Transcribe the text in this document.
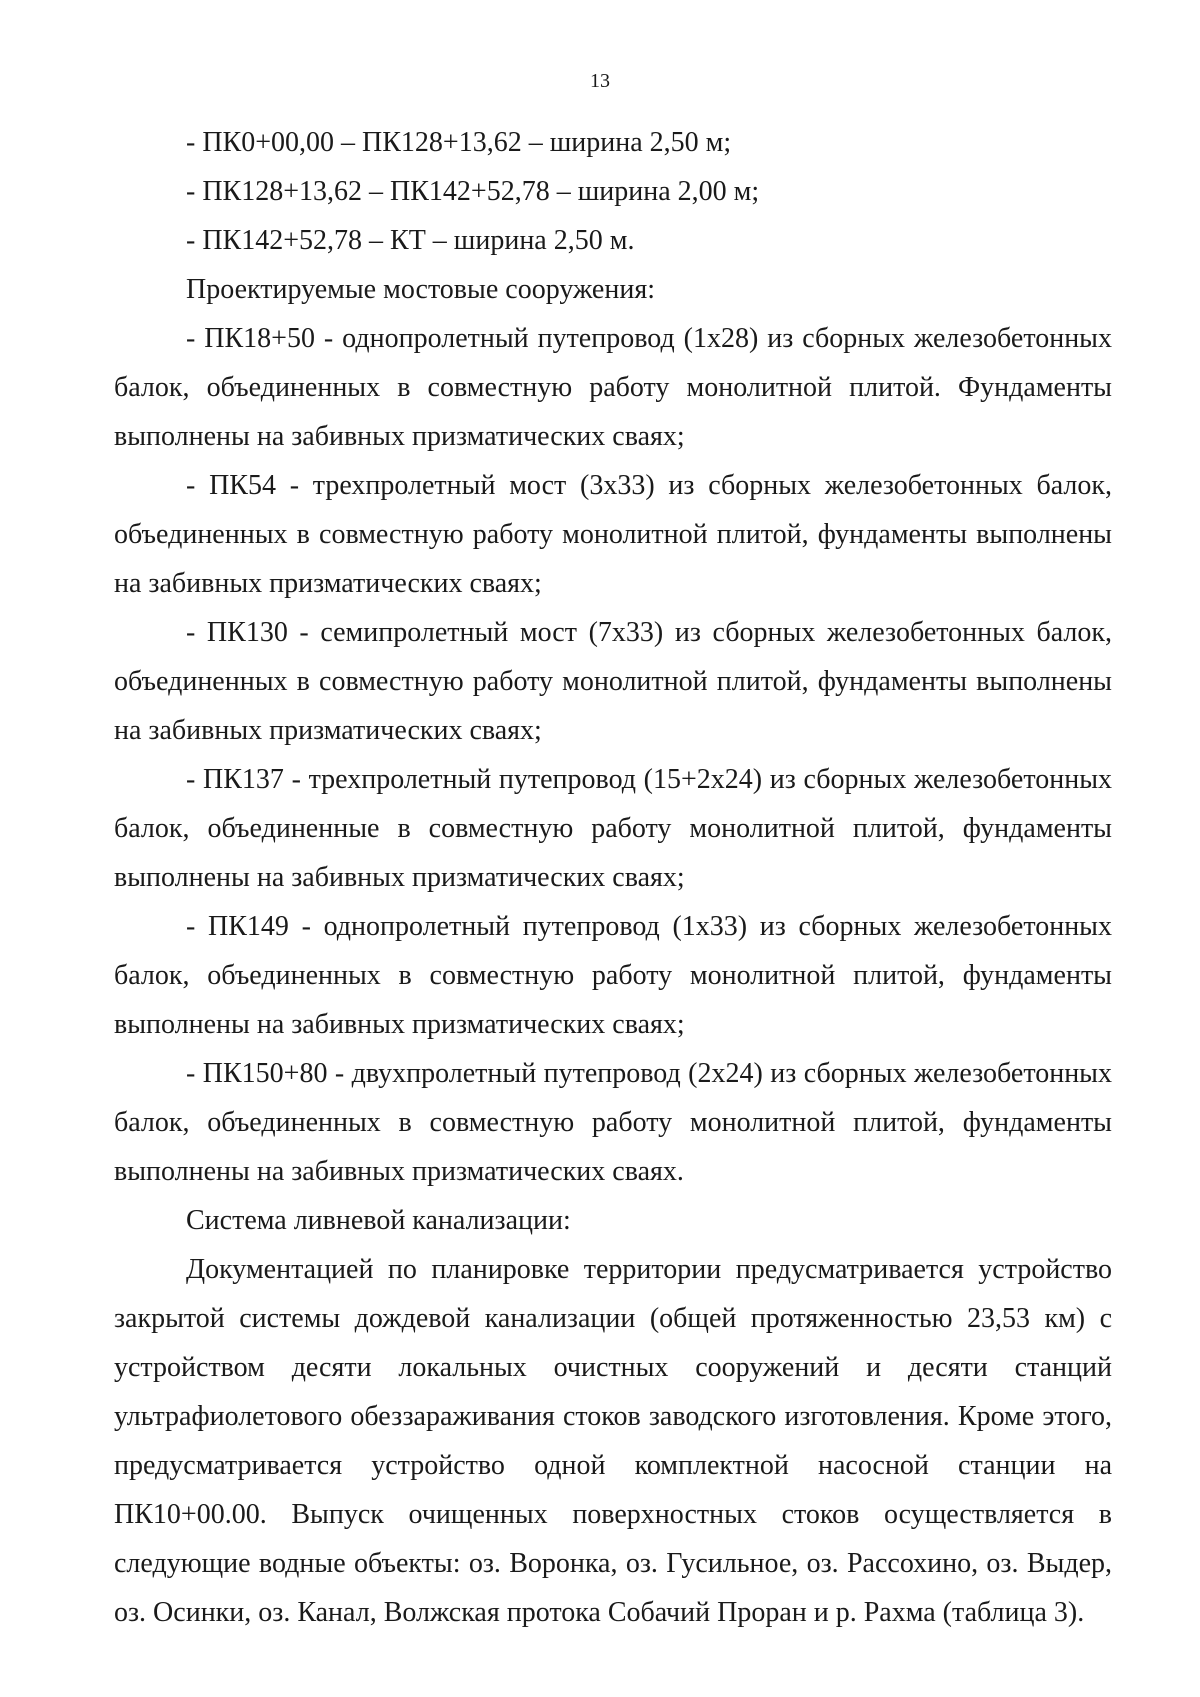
13

- ПК0+00,00 – ПК128+13,62 – ширина 2,50 м;

- ПК128+13,62 – ПК142+52,78 – ширина 2,00 м;

- ПК142+52,78 – КТ – ширина 2,50 м.

Проектируемые мостовые сооружения:

- ПК18+50 - однопролетный путепровод (1х28) из сборных железобетонных балок, объединенных в совместную работу монолитной плитой. Фундаменты выполнены на забивных призматических сваях;

- ПК54 - трехпролетный мост (3х33) из сборных железобетонных балок, объединенных в совместную работу монолитной плитой, фундаменты выполнены на забивных призматических сваях;

- ПК130 - семипролетный мост (7х33) из сборных железобетонных балок, объединенных в совместную работу монолитной плитой, фундаменты выполнены на забивных призматических сваях;

- ПК137 - трехпролетный путепровод (15+2х24) из сборных железобетонных балок, объединенные в совместную работу монолитной плитой, фундаменты выполнены на забивных призматических сваях;

- ПК149 - однопролетный путепровод (1х33) из сборных железобетонных балок, объединенных в совместную работу монолитной плитой, фундаменты выполнены на забивных призматических сваях;

- ПК150+80 - двухпролетный путепровод (2х24) из сборных железобетонных балок, объединенных в совместную работу монолитной плитой, фундаменты выполнены на забивных призматических сваях.

Система ливневой канализации:

Документацией по планировке территории предусматривается устройство закрытой системы дождевой канализации (общей протяженностью 23,53 км) с устройством десяти локальных очистных сооружений и десяти станций ультрафиолетового обеззараживания стоков заводского изготовления. Кроме этого, предусматривается устройство одной комплектной насосной станции на ПК10+00.00. Выпуск очищенных поверхностных стоков осуществляется в следующие водные объекты: оз. Воронка, оз. Гусильное, оз. Рассохино, оз. Выдер, оз. Осинки, оз. Канал, Волжская протока Собачий Проран и р. Рахма (таблица 3).
